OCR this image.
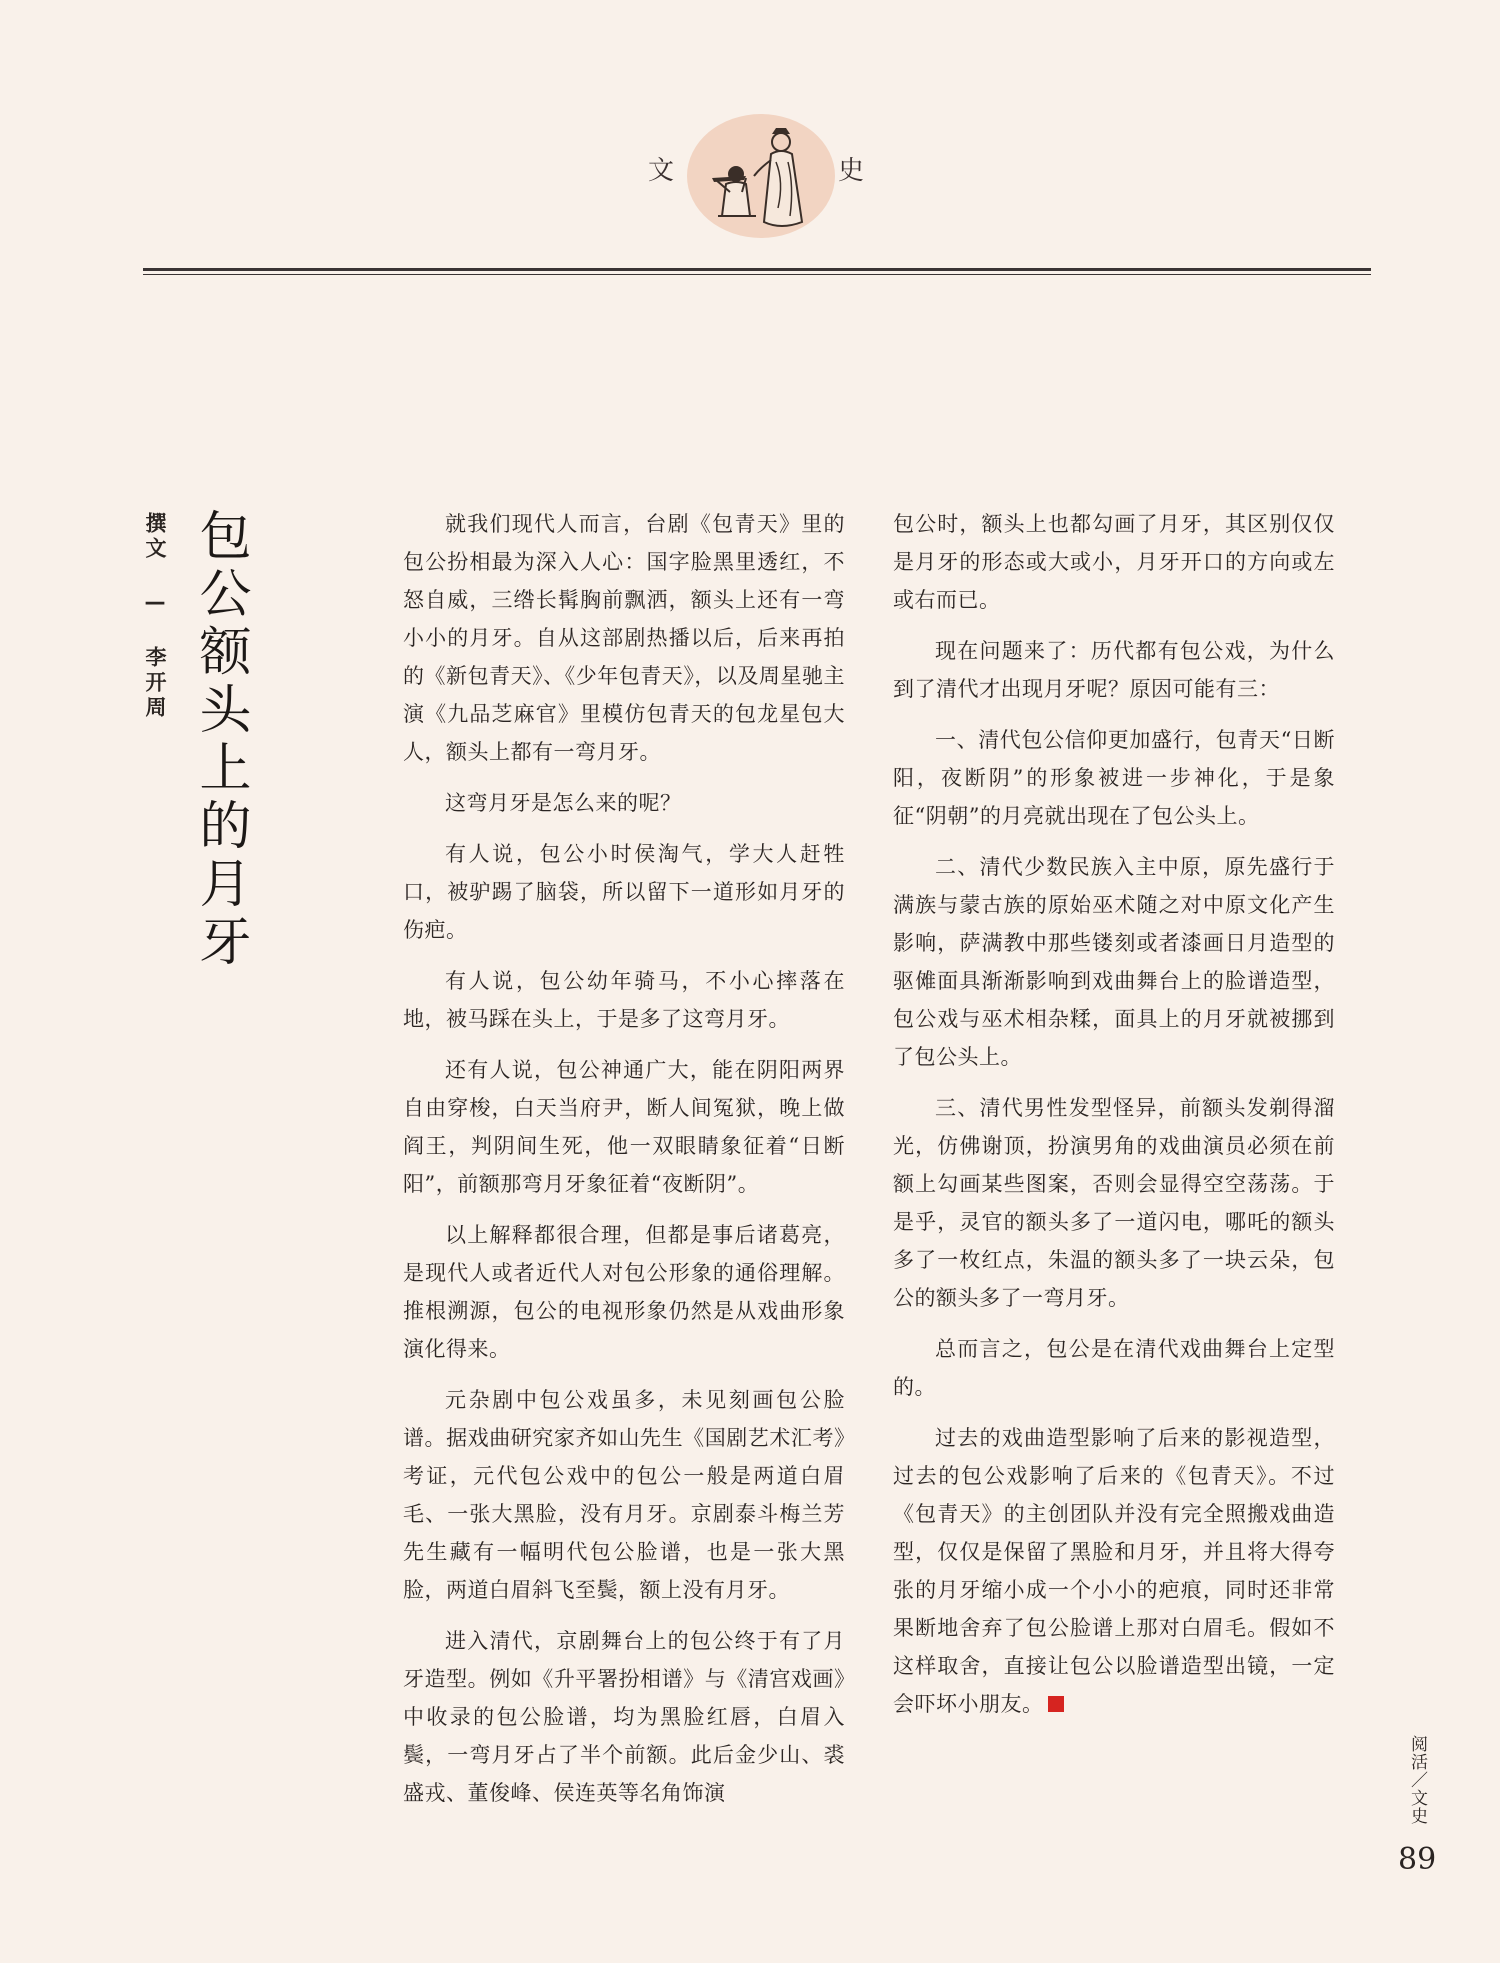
文	史
撰文 — 李开周 包公额头上的月牙	就我们现代人而言，台剧《包青天》里的包公扮相最为深入人心：国字脸黑里透红，不怒自威，三绺长髯胸前飘洒，额头上还有一弯小小的月牙。自从这部剧热播以后，后来再拍的《新包青天》、《少年包青天》，以及周星驰主演《九品芝麻官》里模仿包青天的包龙星包大人，额头上都有一弯月牙。

这弯月牙是怎么来的呢？

有人说，包公小时侯淘气，学大人赶牲口，被驴踢了脑袋，所以留下一道形如月牙的伤疤。

有人说，包公幼年骑马，不小心摔落在地，被马踩在头上，于是多了这弯月牙。

还有人说，包公神通广大，能在阴阳两界自由穿梭，白天当府尹，断人间冤狱，晚上做阎王，判阴间生死，他一双眼睛象征着“日断阳”，前额那弯月牙象征着“夜断阴”。

以上解释都很合理，但都是事后诸葛亮，是现代人或者近代人对包公形象的通俗理解。推根溯源，包公的电视形象仍然是从戏曲形象演化得来。

元杂剧中包公戏虽多，未见刻画包公脸谱。据戏曲研究家齐如山先生《国剧艺术汇考》考证，元代包公戏中的包公一般是两道白眉毛、一张大黑脸，没有月牙。京剧泰斗梅兰芳先生藏有一幅明代包公脸谱，也是一张大黑脸，两道白眉斜飞至鬓，额上没有月牙。

进入清代，京剧舞台上的包公终于有了月牙造型。例如《升平署扮相谱》与《清宫戏画》中收录的包公脸谱，均为黑脸红唇，白眉入鬓，一弯月牙占了半个前额。此后金少山、裘盛戎、董俊峰、侯连英等名角饰演

包公时，额头上也都勾画了月牙，其区别仅仅是月牙的形态或大或小，月牙开口的方向或左或右而已。

现在问题来了：历代都有包公戏，为什么到了清代才出现月牙呢？原因可能有三：

一、清代包公信仰更加盛行，包青天“日断阳，夜断阴”的形象被进一步神化，于是象征“阴朝”的月亮就出现在了包公头上。

二、清代少数民族入主中原，原先盛行于满族与蒙古族的原始巫术随之对中原文化产生影响，萨满教中那些镂刻或者漆画日月造型的驱傩面具渐渐影响到戏曲舞台上的脸谱造型，包公戏与巫术相杂糅，面具上的月牙就被挪到了包公头上。

三、清代男性发型怪异，前额头发剃得溜光，仿佛谢顶，扮演男角的戏曲演员必须在前额上勾画某些图案，否则会显得空空荡荡。于是乎，灵官的额头多了一道闪电，哪吒的额头多了一枚红点，朱温的额头多了一块云朵，包公的额头多了一弯月牙。

总而言之，包公是在清代戏曲舞台上定型的。

过去的戏曲造型影响了后来的影视造型，过去的包公戏影响了后来的《包青天》。不过《包青天》的主创团队并没有完全照搬戏曲造型，仅仅是保留了黑脸和月牙，并且将大得夸张的月牙缩小成一个小小的疤痕，同时还非常果断地舍弃了包公脸谱上那对白眉毛。假如不这样取舍，直接让包公以脸谱造型出镜，一定会吓坏小朋友。

阅活／文史
89
